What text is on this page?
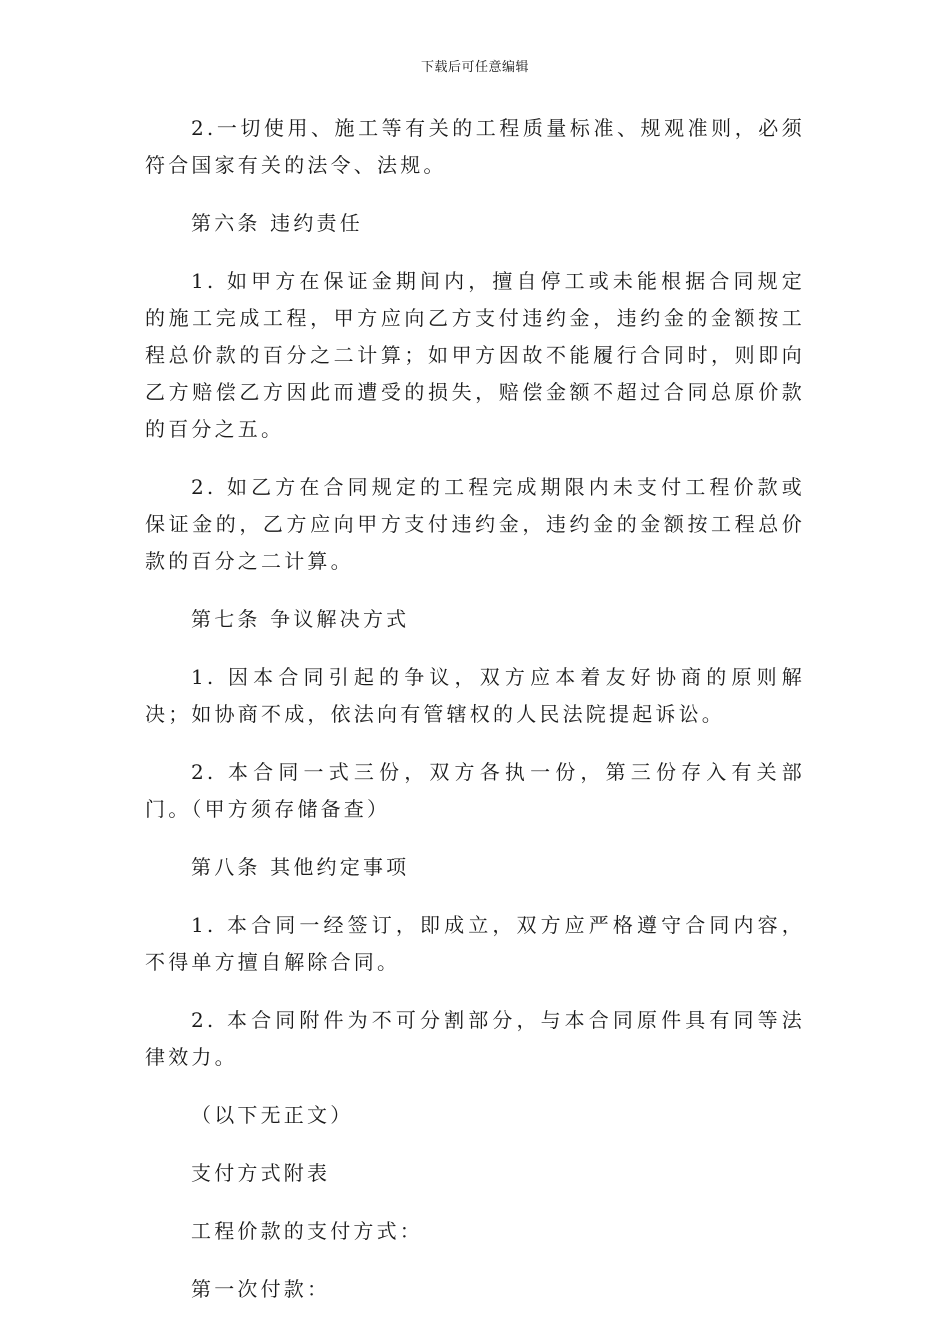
下载后可任意编辑

2.一切使用、施工等有关的工程质量标准、规观准则，必须符合国家有关的法令、法规。

第六条 违约责任

1. 如甲方在保证金期间内，擅自停工或未能根据合同规定的施工完成工程，甲方应向乙方支付违约金，违约金的金额按工程总价款的百分之二计算；如甲方因故不能履行合同时，则即向乙方赔偿乙方因此而遭受的损失，赔偿金额不超过合同总原价款的百分之五。

2. 如乙方在合同规定的工程完成期限内未支付工程价款或保证金的，乙方应向甲方支付违约金，违约金的金额按工程总价款的百分之二计算。

第七条 争议解决方式

1. 因本合同引起的争议，双方应本着友好协商的原则解决；如协商不成，依法向有管辖权的人民法院提起诉讼。

2. 本合同一式三份，双方各执一份，第三份存入有关部门。（甲方须存储备查）

第八条 其他约定事项

1. 本合同一经签订，即成立，双方应严格遵守合同内容，不得单方擅自解除合同。

2. 本合同附件为不可分割部分，与本合同原件具有同等法律效力。

（以下无正文）

支付方式附表

工程价款的支付方式：

第一次付款：
